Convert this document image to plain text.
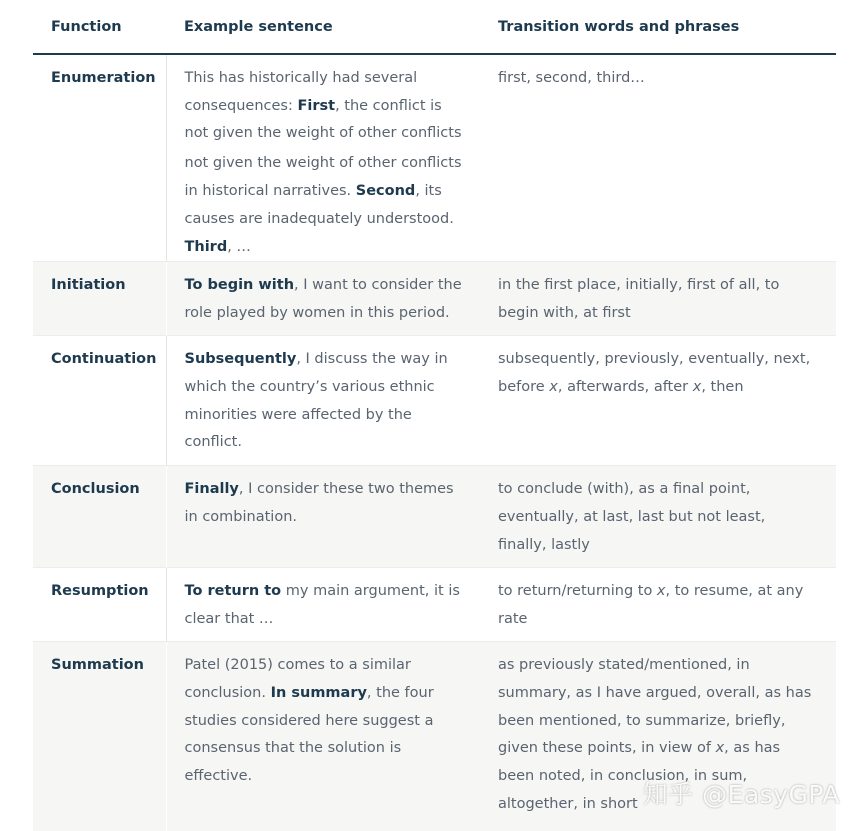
Function	Example sentence	Transition words and phrases
Enumeration	This has historically had several consequences: First, the conflict is
not given the weight of other conflicts
not given the weight of other conflicts in historical narratives. Second, its causes are inadequately understood. Third, …	first, second, third…
Initiation	To begin with, I want to consider the role played by women in this period.	in the first place, initially, first of all, to begin with, at first
Continuation	Subsequently, I discuss the way in which the country’s various ethnic minorities were affected by the conflict.	subsequently, previously, eventually, next, before x, afterwards, after x, then
Conclusion	Finally, I consider these two themes in combination.	to conclude (with), as a final point, eventually, at last, last but not least, finally, lastly
Resumption	To return to my main argument, it is clear that …	to return/returning to x, to resume, at any rate
Summation	Patel (2015) comes to a similar conclusion. In summary, the four studies considered here suggest a consensus that the solution is effective.	as previously stated/mentioned, in summary, as I have argued, overall, as has been mentioned, to summarize, briefly, given these points, in view of x, as has been noted, in conclusion, in sum, altogether, in short 知乎 @EasyGPA
